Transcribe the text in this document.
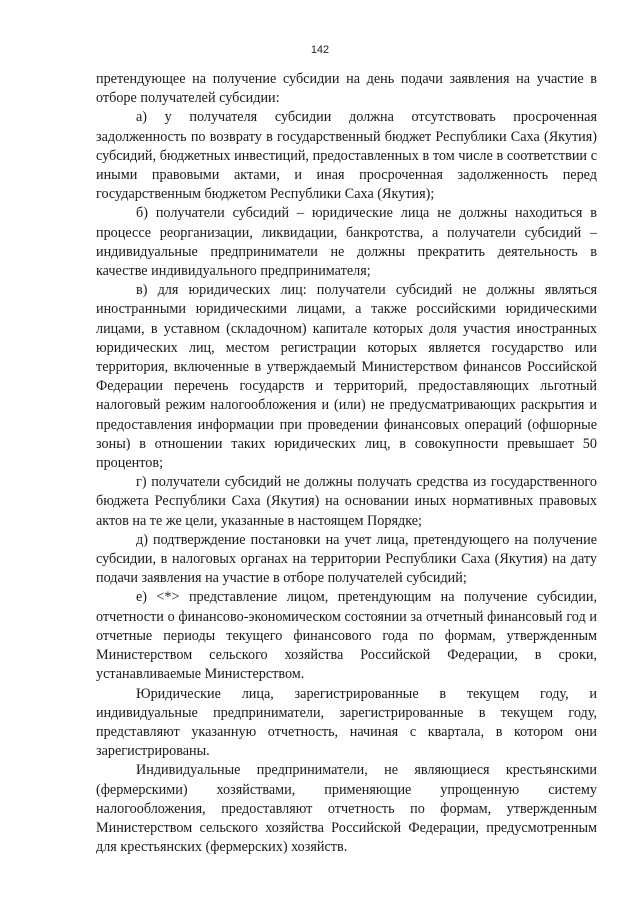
142

претендующее на получение субсидии на день подачи заявления на участие в отборе получателей субсидии:

а) у получателя субсидии должна отсутствовать просроченная задолженность по возврату в государственный бюджет Республики Саха (Якутия) субсидий, бюджетных инвестиций, предоставленных в том числе в соответствии с иными правовыми актами, и иная просроченная задолженность перед государственным бюджетом Республики Саха (Якутия);

б) получатели субсидий – юридические лица не должны находиться в процессе реорганизации, ликвидации, банкротства, а получатели субсидий – индивидуальные предприниматели не должны прекратить деятельность в качестве индивидуального предпринимателя;

в) для юридических лиц: получатели субсидий не должны являться иностранными юридическими лицами, а также российскими юридическими лицами, в уставном (складочном) капитале которых доля участия иностранных юридических лиц, местом регистрации которых является государство или территория, включенные в утверждаемый Министерством финансов Российской Федерации перечень государств и территорий, предоставляющих льготный налоговый режим налогообложения и (или) не предусматривающих раскрытия и предоставления информации при проведении финансовых операций (офшорные зоны) в отношении таких юридических лиц, в совокупности превышает 50 процентов;

г) получатели субсидий не должны получать средства из государственного бюджета Республики Саха (Якутия) на основании иных нормативных правовых актов на те же цели, указанные в настоящем Порядке;

д) подтверждение постановки на учет лица, претендующего на получение субсидии, в налоговых органах на территории Республики Саха (Якутия) на дату подачи заявления на участие в отборе получателей субсидий;

е) <*> представление лицом, претендующим на получение субсидии, отчетности о финансово-экономическом состоянии за отчетный финансовый год и отчетные периоды текущего финансового года по формам, утвержденным Министерством сельского хозяйства Российской Федерации, в сроки, устанавливаемые Министерством.

Юридические лица, зарегистрированные в текущем году, и индивидуальные предприниматели, зарегистрированные в текущем году, представляют указанную отчетность, начиная с квартала, в котором они зарегистрированы.

Индивидуальные предприниматели, не являющиеся крестьянскими (фермерскими) хозяйствами, применяющие упрощенную систему налогообложения, предоставляют отчетность по формам, утвержденным Министерством сельского хозяйства Российской Федерации, предусмотренным для крестьянских (фермерских) хозяйств.
